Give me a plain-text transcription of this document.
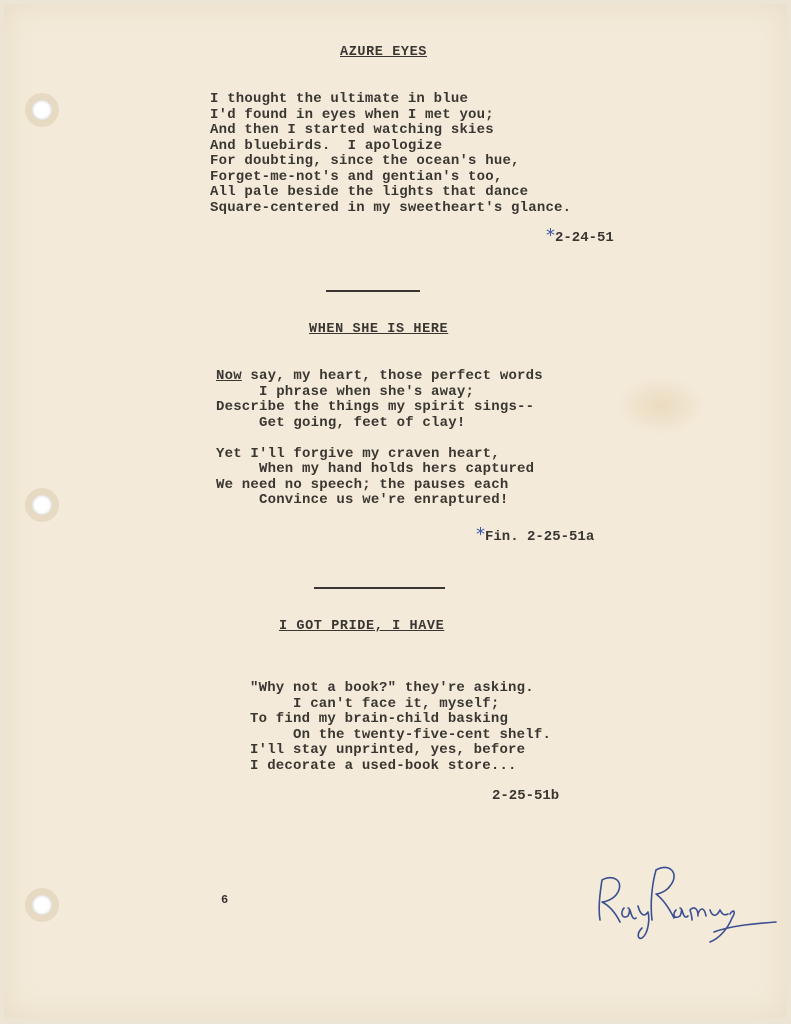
AZURE EYES
I thought the ultimate in blue
I'd found in eyes when I met you;
And then I started watching skies
And bluebirds.  I apologize
For doubting, since the ocean's hue,
Forget-me-not's and gentian's too,
All pale beside the lights that dance
Square-centered in my sweetheart's glance.
*2-24-51
WHEN SHE IS HERE
Now say, my heart, those perfect words
I phrase when she's away;
Describe the things my spirit sings--
Get going, feet of clay!

Yet I'll forgive my craven heart,
When my hand holds hers captured
We need no speech; the pauses each
Convince us we're enraptured!
*Fin. 2-25-51a
I GOT PRIDE, I HAVE
"Why not a book?" they're asking.
I can't face it, myself;
To find my brain-child basking
On the twenty-five-cent shelf.
I'll stay unprinted, yes, before
I decorate a used-book store...
2-25-51b
6
